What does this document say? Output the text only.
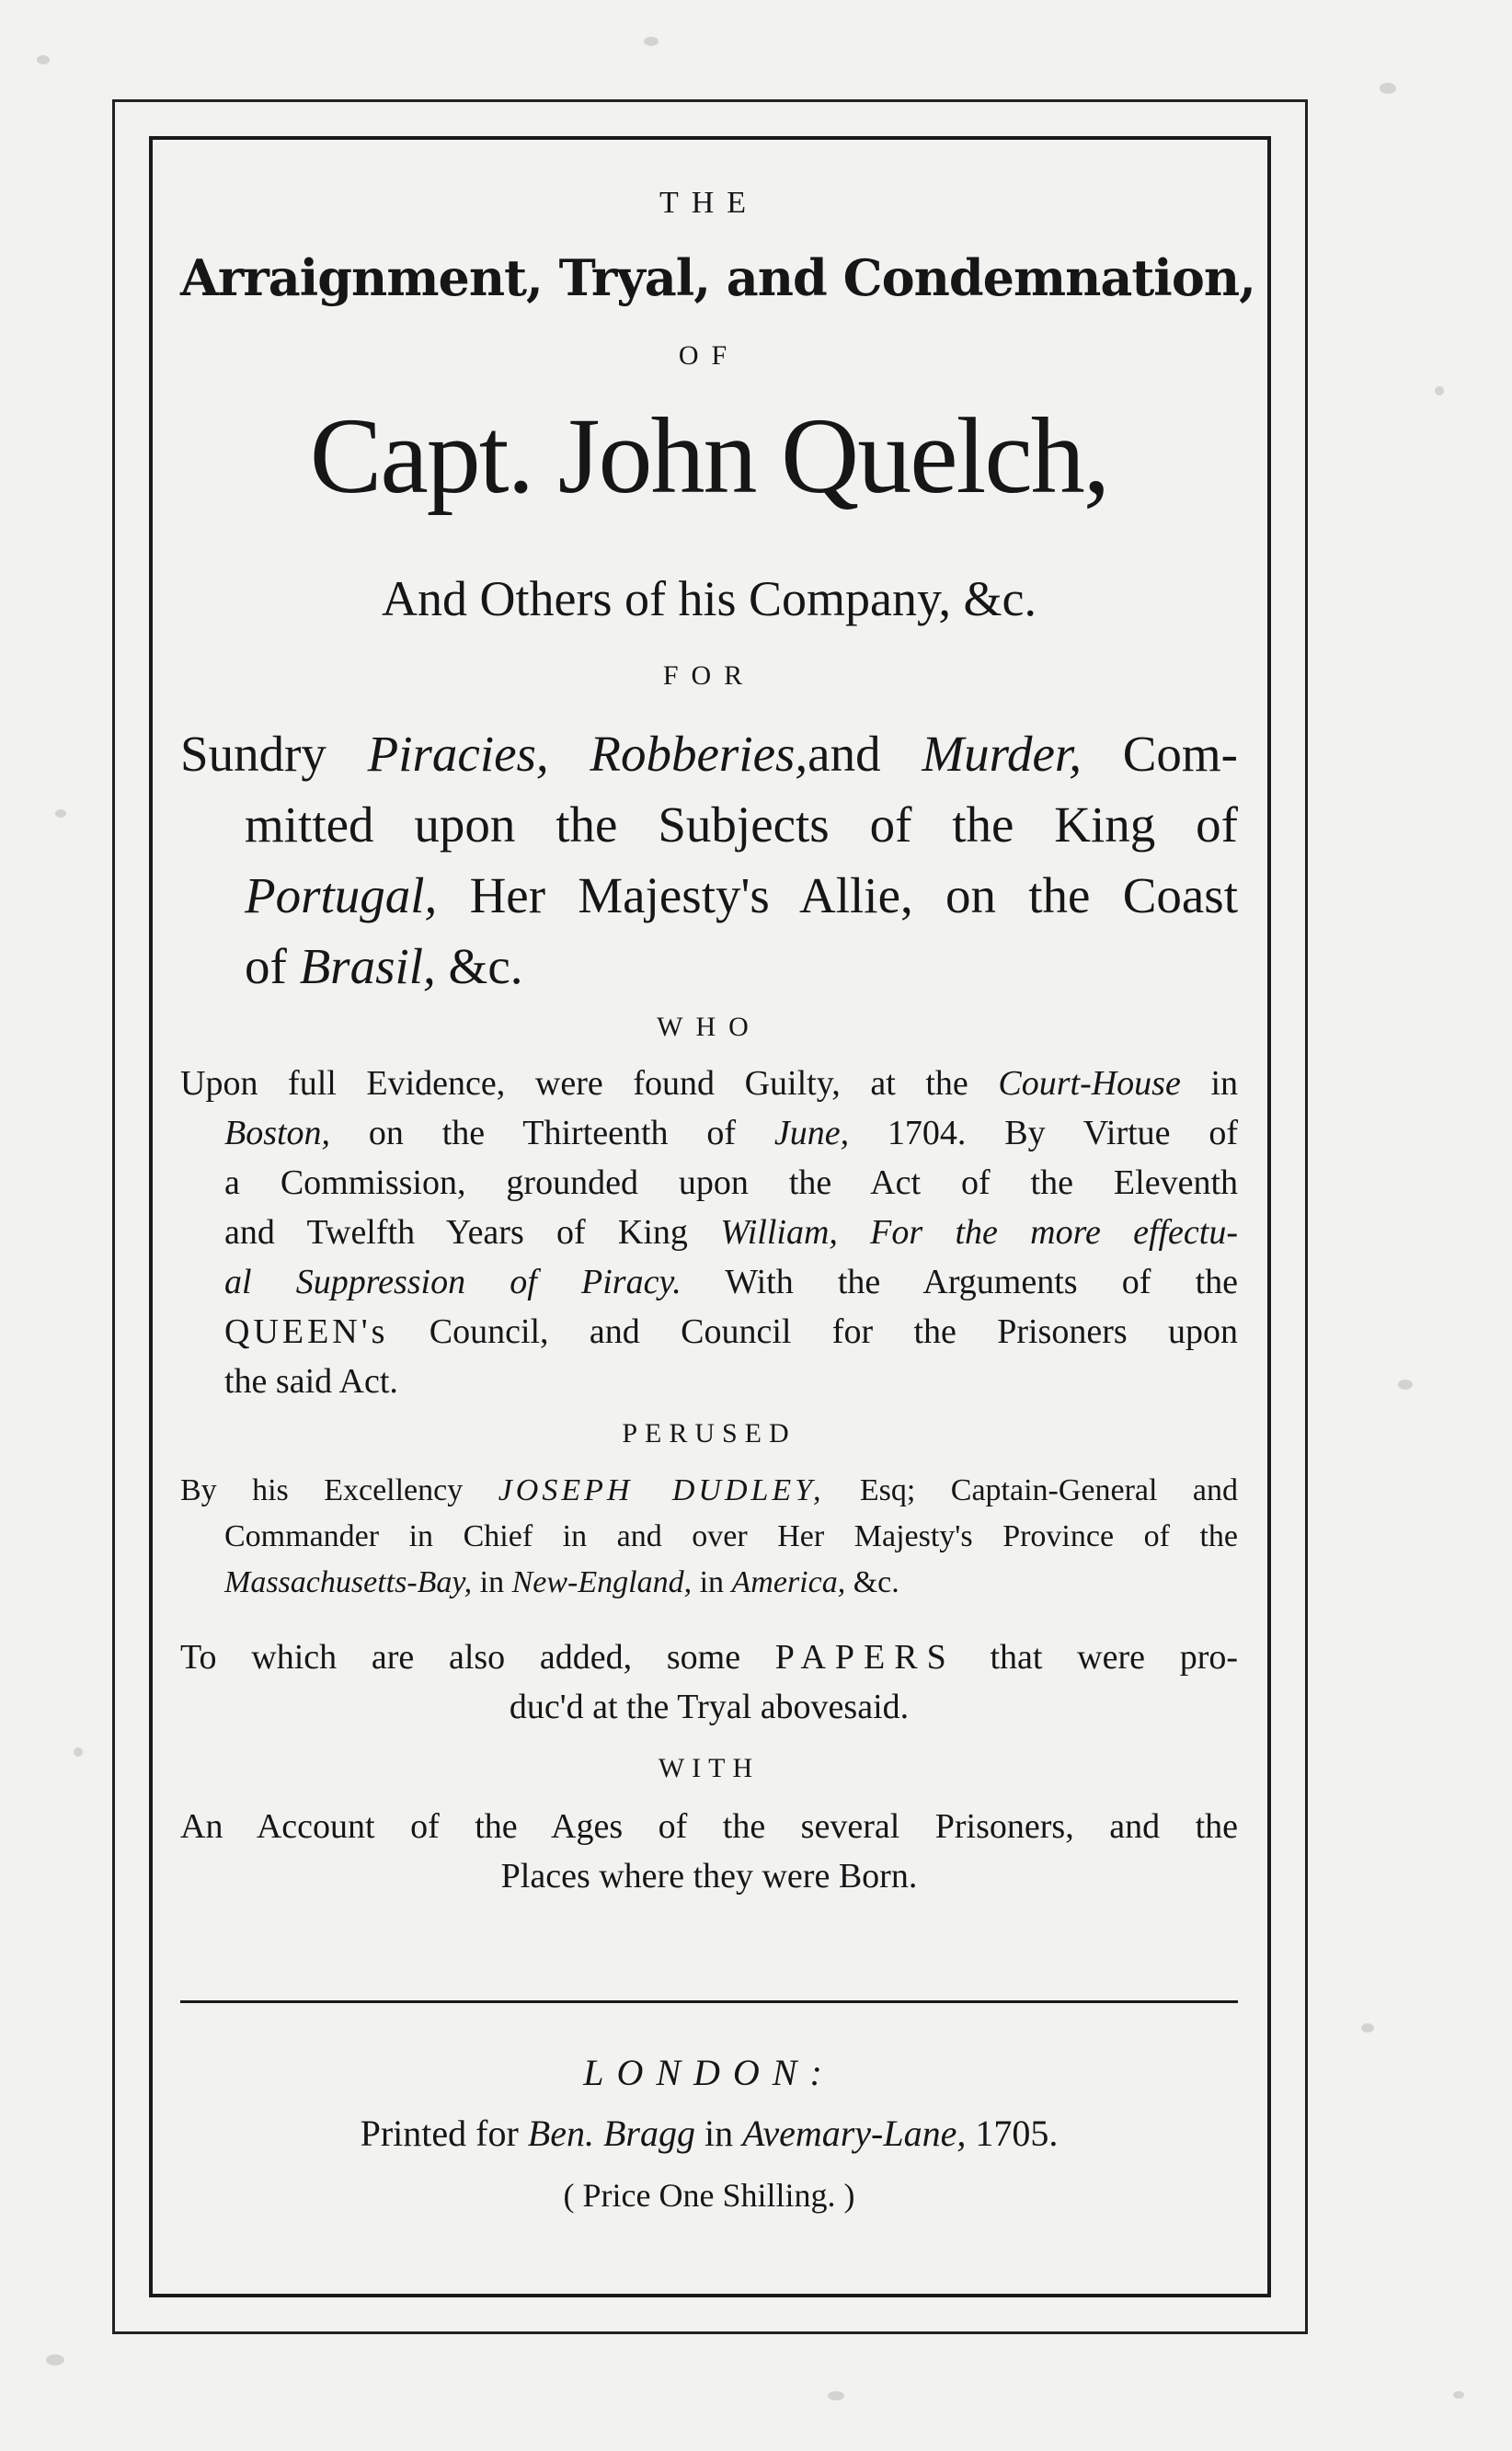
THE
Arraignment, Tryal, and Condemnation,
OF
Capt. John Quelch,
And Others of his Company, &c.
FOR
Sundry Piracies, Robberies,and Murder, Com-
mitted upon the Subjects of the King of
Portugal, Her Majesty's Allie, on the Coast
of Brasil, &c.
WHO
Upon full Evidence, were found Guilty, at the Court-House in
Boston, on the Thirteenth of June, 1704. By Virtue of
a Commission, grounded upon the Act of the Eleventh
and Twelfth Years of King William, For the more effectu-
al Suppression of Piracy. With the Arguments of the
QUEEN's Council, and Council for the Prisoners upon
the said Act.
PERUSED
By his Excellency JOSEPH DUDLEY, Esq; Captain-General and
Commander in Chief in and over Her Majesty's Province of the
Massachusetts-Bay, in New-England, in America, &c.
To which are also added, some PAPERS that were pro-
duc'd at the Tryal abovesaid.
WITH
An Account of the Ages of the several Prisoners, and the
Places where they were Born.
LONDON:
Printed for Ben. Bragg in Avemary-Lane, 1705.
( Price One Shilling. )
